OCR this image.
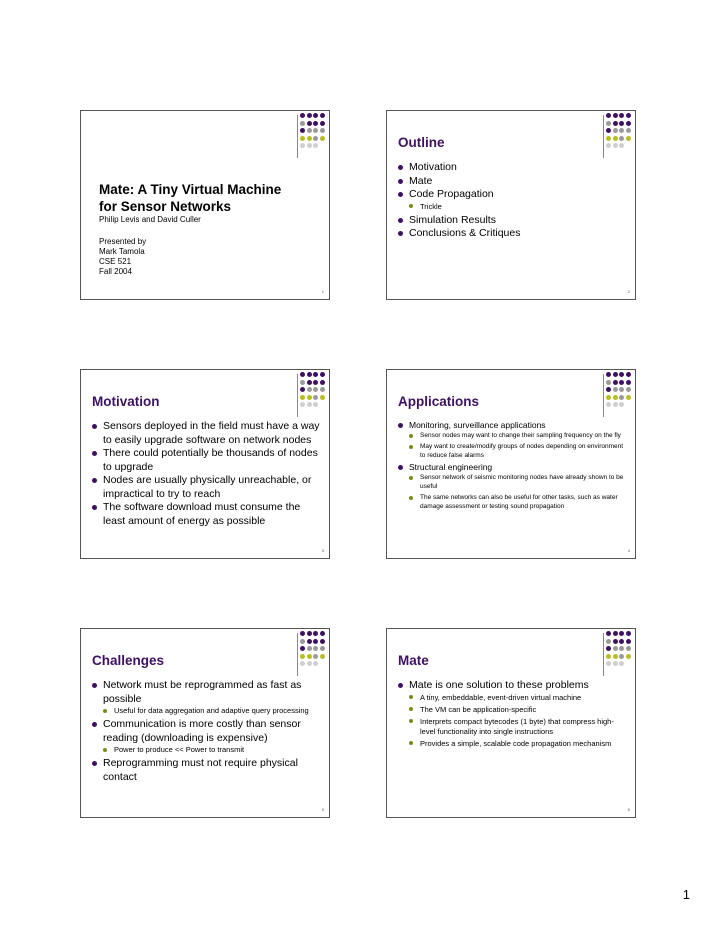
Mate: A Tiny Virtual Machine for Sensor Networks
Philip Levis and David Culler
Presented by
Mark Tamola
CSE 521
Fall 2004
1
Outline
Motivation
Mate
Code Propagation
Trickle
Simulation Results
Conclusions & Critiques
2
Motivation
Sensors deployed in the field must have a way to easily upgrade software on network nodes
There could potentially be thousands of nodes to upgrade
Nodes are usually physically unreachable, or impractical to try to reach
The software download must consume the least amount of energy as possible
3
Applications
Monitoring, surveillance applications
Sensor nodes may want to change their sampling frequency on the fly
May want to create/modify groups of nodes depending on environment to reduce false alarms
Structural engineering
Sensor network of seismic monitoring nodes have already shown to be useful
The same networks can also be useful for other tasks, such as water damage assessment or testing sound propagation
4
Challenges
Network must be reprogrammed as fast as possible
Useful for data aggregation and adaptive query processing
Communication is more costly than sensor reading (downloading is expensive)
Power to produce << Power to transmit
Reprogramming must not require physical contact
5
Mate
Mate is one solution to these problems
A tiny, embeddable, event-driven virtual machine
The VM can be application-specific
Interprets compact bytecodes (1 byte) that compress high-level functionality into single instructions
Provides a simple, scalable code propagation mechanism
6
1
